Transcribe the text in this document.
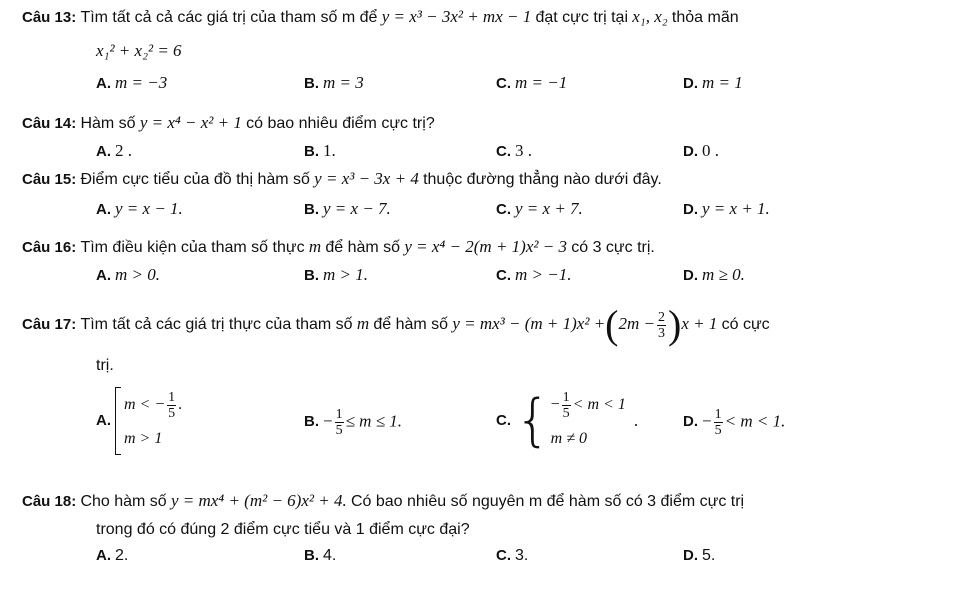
Câu 13: Tìm tất cả cả các giá trị của tham số m để y = x³ − 3x² + mx − 1 đạt cực trị tại x₁, x₂ thỏa mãn
x₁² + x₂² = 6
A. m = −3	B. m = 3	C. m = −1	D. m = 1
Câu 14: Hàm số y = x⁴ − x² + 1 có bao nhiêu điểm cực trị?
A. 2 .	B. 1.	C. 3 .	D. 0 .
Câu 15: Điểm cực tiểu của đồ thị hàm số y = x³ − 3x + 4 thuộc đường thẳng nào dưới đây.
A. y = x − 1.	B. y = x − 7.	C. y = x + 7.	D. y = x + 1.
Câu 16: Tìm điều kiện của tham số thực m để hàm số y = x⁴ − 2(m + 1)x² − 3 có 3 cực trị.
A. m > 0.	B. m > 1.	C. m > −1.	D. m ≥ 0.
Câu 17: Tìm tất cả các giá trị thực của tham số m để hàm số $y = mx^3 - (m + 1)x^2 +(2m - \frac{2}{3} )x + 1$ có cực
trị.
A.
m < − $\frac{1}{5}$ .
m > 1
B. − $\frac{1}{5} \le m \le 1$.	C. { − $\frac{1}{5} < m < 1$
m ≠ 0
.	D. − $\frac{1}{5} < m < 1$.
Câu 18: Cho hàm số y = mx⁴ + (m² − 6)x² + 4. Có bao nhiêu số nguyên m để hàm số có 3 điểm cực trị
trong đó có đúng 2 điểm cực tiểu và 1 điểm cực đại?
A. 2.	B. 4.	C. 3.	D. 5.
